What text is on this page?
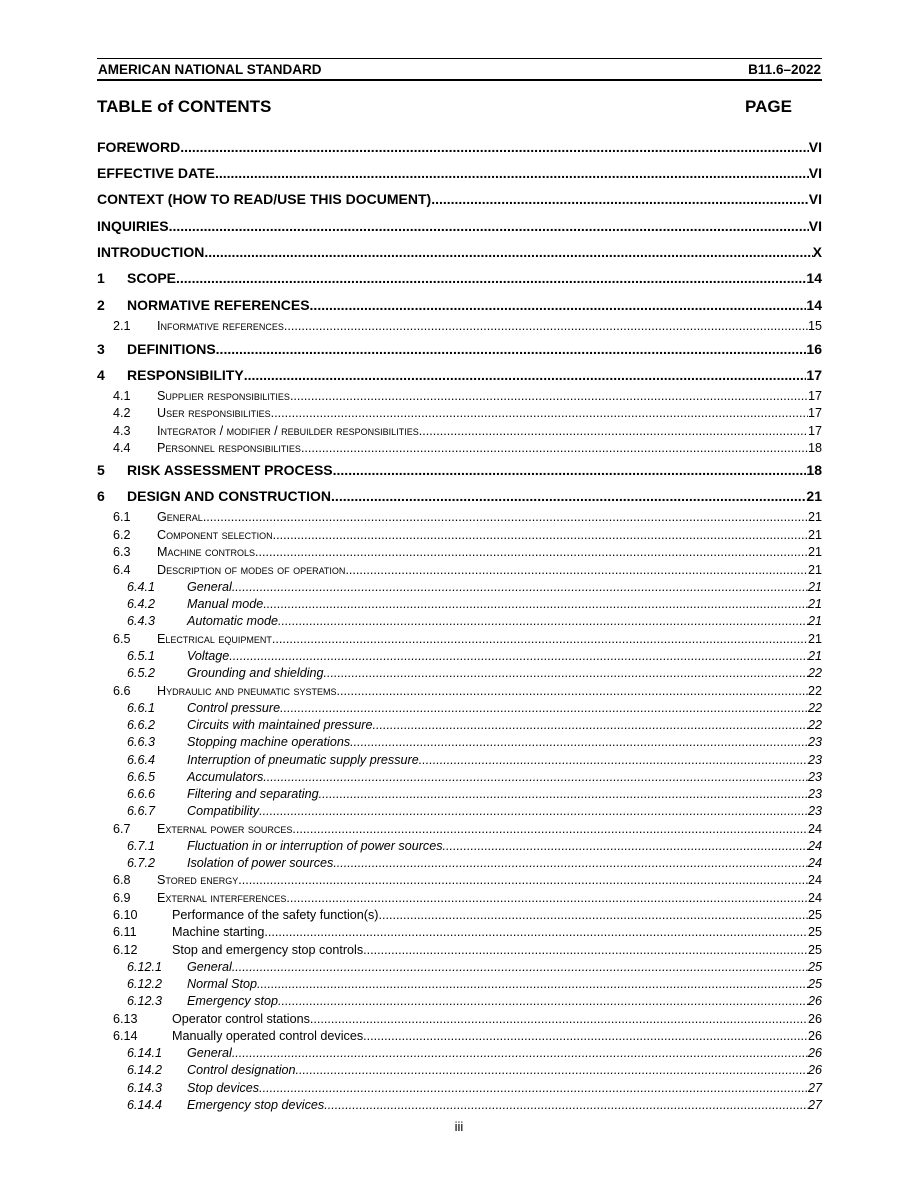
AMERICAN NATIONAL STANDARD	B11.6–2022
TABLE of CONTENTS	PAGE
FOREWORD .....	VI
EFFECTIVE DATE .....	VI
CONTEXT (HOW TO READ/USE THIS DOCUMENT) .....	VI
INQUIRIES .....	VI
INTRODUCTION .....	X
1 SCOPE .....	14
2 NORMATIVE REFERENCES .....	14
2.1 Informative references .....	15
3 DEFINITIONS .....	16
4 RESPONSIBILITY .....	17
4.1 Supplier responsibilities .....	17
4.2 User responsibilities .....	17
4.3 Integrator / modifier / rebuilder responsibilities .....	17
4.4 Personnel responsibilities .....	18
5 RISK ASSESSMENT PROCESS .....	18
6 DESIGN AND CONSTRUCTION .....	21
6.1 General .....	21
6.2 Component selection .....	21
6.3 Machine controls .....	21
6.4 Description of modes of operation .....	21
6.4.1	General .....	21
6.4.2	Manual mode .....	21
6.4.3	Automatic mode .....	21
6.5 Electrical equipment .....	21
6.5.1	Voltage .....	21
6.5.2	Grounding and shielding .....	22
6.6 Hydraulic and pneumatic systems .....	22
6.6.1	Control pressure .....	22
6.6.2	Circuits with maintained pressure .....	22
6.6.3	Stopping machine operations .....	23
6.6.4	Interruption of pneumatic supply pressure .....	23
6.6.5	Accumulators .....	23
6.6.6	Filtering and separating .....	23
6.6.7	Compatibility .....	23
6.7 External power sources .....	24
6.7.1	Fluctuation in or interruption of power sources .....	24
6.7.2	Isolation of power sources .....	24
6.8 Stored energy .....	24
6.9 External interferences .....	24
6.10	Performance of the safety function(s) .....	25
6.11	Machine starting .....	25
6.12	Stop and emergency stop controls .....	25
6.12.1 General .....	25
6.12.2 Normal Stop .....	25
6.12.3 Emergency stop .....	26
6.13	Operator control stations .....	26
6.14	Manually operated control devices .....	26
6.14.1 General .....	26
6.14.2 Control designation .....	26
6.14.3 Stop devices .....	27
6.14.4 Emergency stop devices .....	27
iii
